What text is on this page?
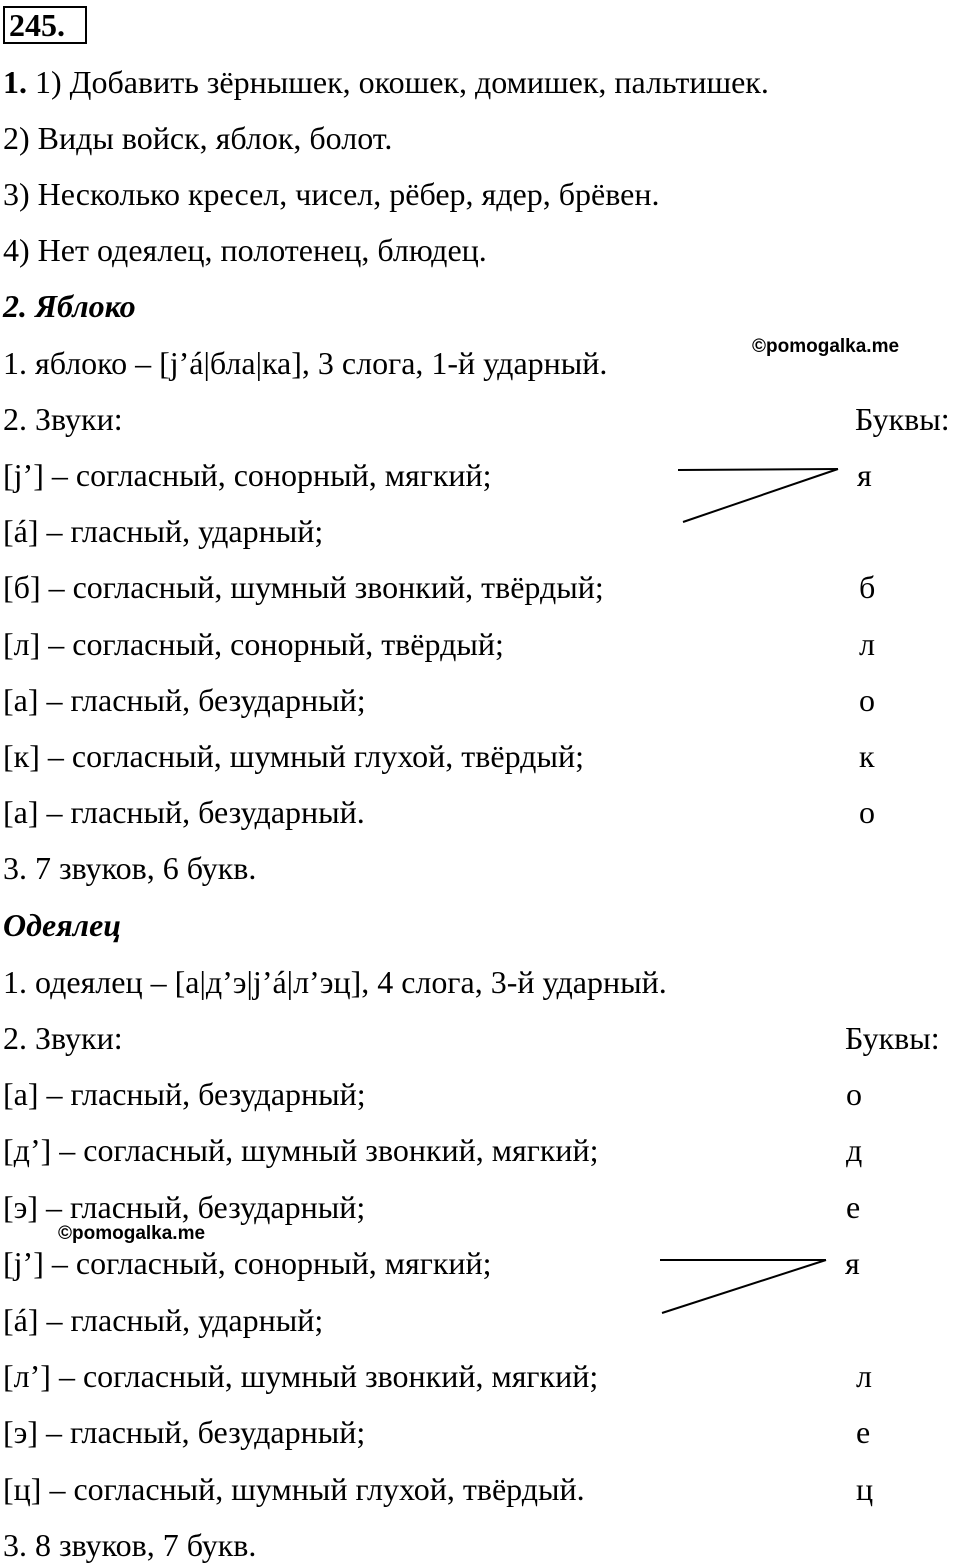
245.
1. 1) Добавить зёрнышек, окошек, домишек, пальтишек.
2) Виды войск, яблок, болот.
3) Несколько кресел, чисел, рёбер, ядер, брёвен.
4) Нет одеялец, полотенец, блюдец.
2. Яблоко
©pomogalka.me
1. яблоко – [j’á|бла|ка], 3 слога, 1-й ударный.
2. Звуки:	Буквы:
[j’] – согласный, сонорный, мягкий;
[á] – гласный, ударный;
[б] – согласный, шумный звонкий, твёрдый;
[л] – согласный, сонорный, твёрдый;
[а] – гласный, безударный;
[к] – согласный, шумный глухой, твёрдый;
[а] – гласный, безударный.
я
б
л
о
к
о
3. 7 звуков, 6 букв.
Одеялец
1. одеялец – [а|д’э|j’á|л’эц], 4 слога, 3-й ударный.
2. Звуки:	Буквы:
[а] – гласный, безударный;
[д’] – согласный, шумный звонкий, мягкий;
[э] – гласный, безударный;
©pomogalka.me
[j’] – согласный, сонорный, мягкий;
[á] – гласный, ударный;
[л’] – согласный, шумный звонкий, мягкий;
[э] – гласный, безударный;
[ц] – согласный, шумный глухой, твёрдый.
о
д
е
я
л
е
ц
3. 8 звуков, 7 букв.
